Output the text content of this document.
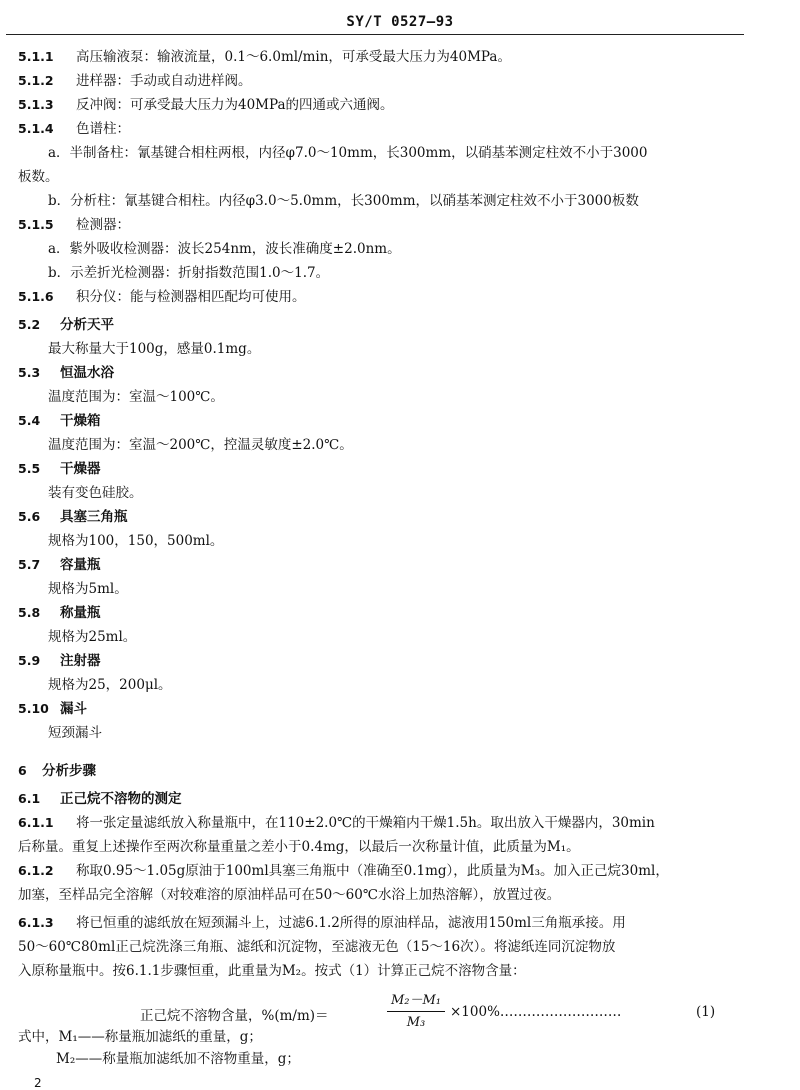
SY/T 0527—93
5.1.1 高压输液泵：输液流量，0.1～6.0ml/min，可承受最大压力为40MPa。
5.1.2 进样器：手动或自动进样阀。
5.1.3 反冲阀：可承受最大压力为40MPa的四通或六通阀。
5.1.4 色谱柱：
a．半制备柱：氰基键合相柱两根，内径φ7.0～10mm，长300mm，以硝基苯测定柱效不小于3000
板数。
b．分析柱：氰基键合相柱。内径φ3.0～5.0mm，长300mm，以硝基苯测定柱效不小于3000板数
5.1.5 检测器：
a．紫外吸收检测器：波长254nm，波长准确度±2.0nm。
b．示差折光检测器：折射指数范围1.0～1.7。
5.1.6 积分仪：能与检测器相匹配均可使用。
5.2 分析天平
最大称量大于100g，感量0.1mg。
5.3 恒温水浴
温度范围为：室温～100℃。
5.4 干燥箱
温度范围为：室温～200℃，控温灵敏度±2.0℃。
5.5 干燥器
装有变色硅胶。
5.6 具塞三角瓶
规格为100，150，500ml。
5.7 容量瓶
规格为5ml。
5.8 称量瓶
规格为25ml。
5.9 注射器
规格为25，200μl。
5.10 漏斗
短颈漏斗
6 分析步骤
6.1 正己烷不溶物的测定
6.1.1 将一张定量滤纸放入称量瓶中，在110±2.0℃的干燥箱内干燥1.5h。取出放入干燥器内，30min
后称量。重复上述操作至两次称量重量之差小于0.4mg，以最后一次称量计值，此质量为M₁。
6.1.2 称取0.95～1.05g原油于100ml具塞三角瓶中（准确至0.1mg），此质量为M₃。加入正己烷30ml，
加塞，至样品完全溶解（对较难溶的原油样品可在50～60℃水浴上加热溶解），放置过夜。
6.1.3 将已恒重的滤纸放在短颈漏斗上，过滤6.1.2所得的原油样品，滤液用150ml三角瓶承接。用
50～60℃80ml正己烷洗涤三角瓶、滤纸和沉淀物，至滤液无色（15～16次）。将滤纸连同沉淀物放
入原称量瓶中。按6.1.1步骤恒重，此重量为M₂。按式（1）计算正己烷不溶物含量：
正己烷不溶物含量，%(m/m)＝
M₂－M₁
M₃
×100%………………………	(1)
式中，M₁——称量瓶加滤纸的重量，g；
M₂——称量瓶加滤纸加不溶物重量，g；
2
